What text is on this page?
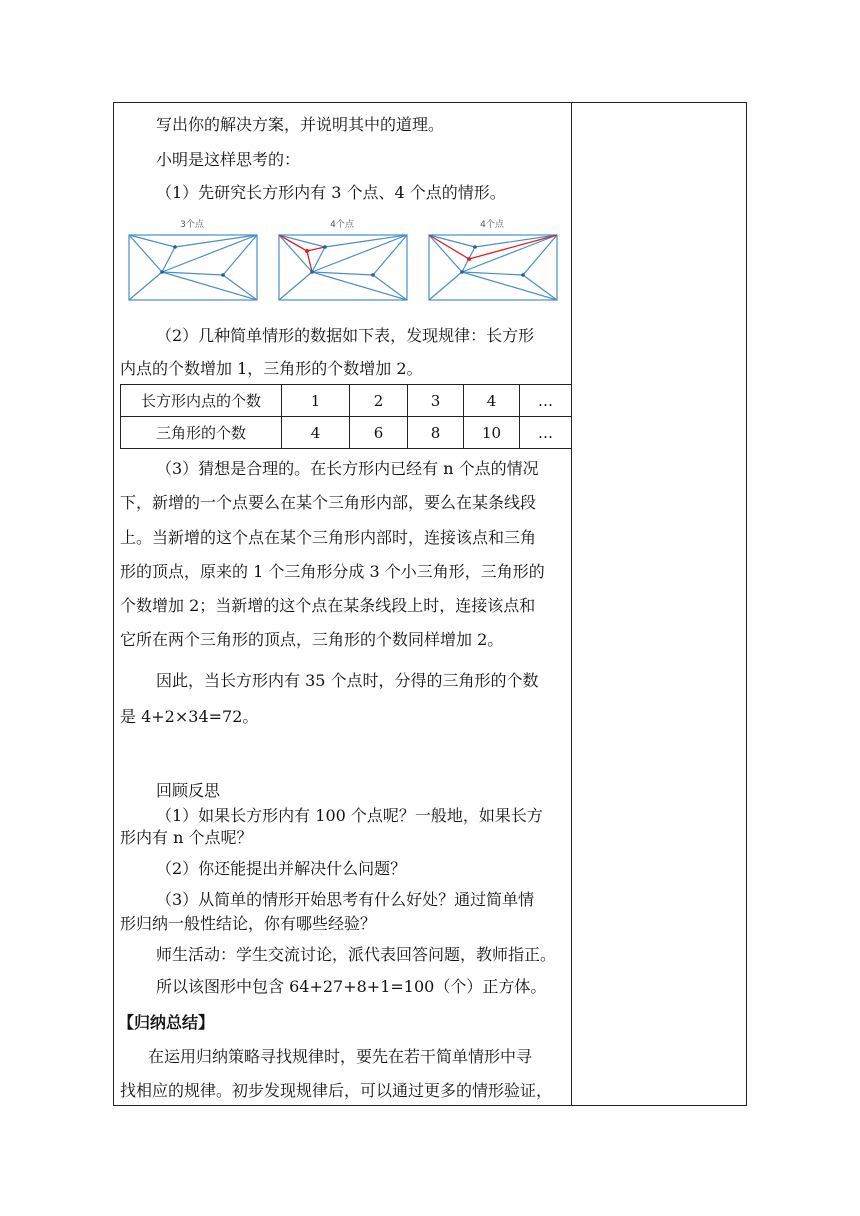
写出你的解决方案，并说明其中的道理。
小明是这样思考的：
（1）先研究长方形内有 3 个点、4 个点的情形。
3个点	4个点	4个点
（2）几种简单情形的数据如下表，发现规律：长方形
内点的个数增加 1，三角形的个数增加 2。
长方形内点的个数	1	2	3	4	…
三角形的个数	4	6	8	10	…
（3）猜想是合理的。在长方形内已经有 n 个点的情况
下，新增的一个点要么在某个三角形内部，要么在某条线段
上。当新增的这个点在某个三角形内部时，连接该点和三角
形的顶点，原来的 1 个三角形分成 3 个小三角形，三角形的
个数增加 2；当新增的这个点在某条线段上时，连接该点和
它所在两个三角形的顶点，三角形的个数同样增加 2。
因此，当长方形内有 35 个点时，分得的三角形的个数
是 4+2×34=72。
回顾反思
（1）如果长方形内有 100 个点呢？一般地，如果长方
形内有 n 个点呢？
（2）你还能提出并解决什么问题？
（3）从简单的情形开始思考有什么好处？通过简单情
形归纳一般性结论，你有哪些经验？
师生活动：学生交流讨论，派代表回答问题，教师指正。
所以该图形中包含 64+27+8+1=100（个）正方体。
【归纳总结】
在运用归纳策略寻找规律时，要先在若干简单情形中寻
找相应的规律。初步发现规律后，可以通过更多的情形验证，
